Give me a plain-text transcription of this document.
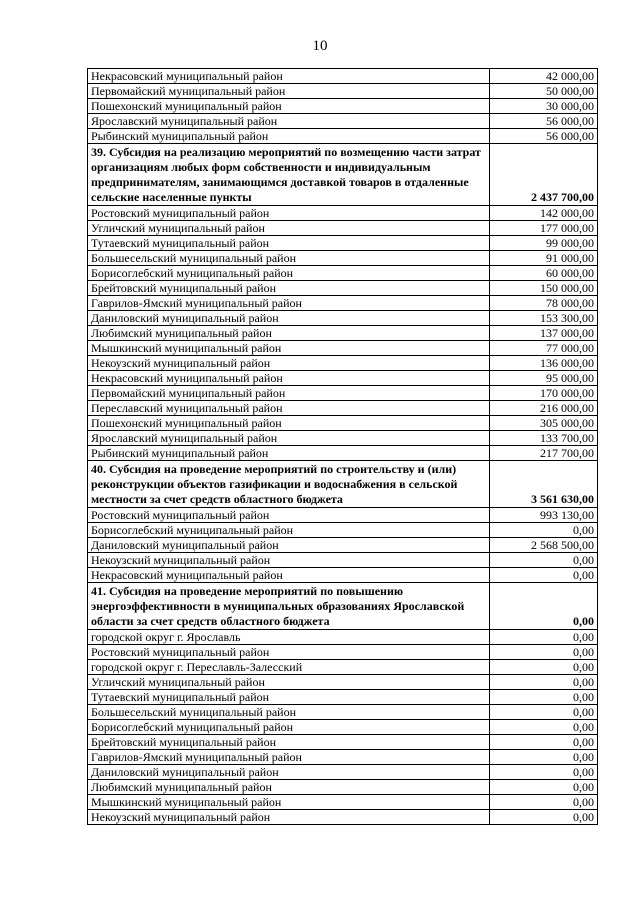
10
Некрасовский муниципальный район	42 000,00
Первомайский муниципальный район	50 000,00
Пошехонский муниципальный район	30 000,00
Ярославский муниципальный район	56 000,00
Рыбинский муниципальный район	56 000,00
39. Субсидия на реализацию мероприятий по возмещению части затрат организациям любых форм собственности и индивидуальным предпринимателям, занимающимся доставкой товаров в отдаленные сельские населенные пункты	2 437 700,00
Ростовский муниципальный район	142 000,00
Угличский муниципальный район	177 000,00
Тутаевский муниципальный район	99 000,00
Большесельский муниципальный район	91 000,00
Борисоглебский муниципальный район	60 000,00
Брейтовский муниципальный район	150 000,00
Гаврилов-Ямский муниципальный район	78 000,00
Даниловский муниципальный район	153 300,00
Любимский муниципальный район	137 000,00
Мышкинский муниципальный район	77 000,00
Некоузский муниципальный район	136 000,00
Некрасовский муниципальный район	95 000,00
Первомайский муниципальный район	170 000,00
Переславский муниципальный район	216 000,00
Пошехонский муниципальный район	305 000,00
Ярославский муниципальный район	133 700,00
Рыбинский муниципальный район	217 700,00
40. Субсидия на проведение мероприятий по строительству и (или) реконструкции объектов газификации и водоснабжения в сельской местности за счет средств областного бюджета	3 561 630,00
Ростовский муниципальный район	993 130,00
Борисоглебский муниципальный район	0,00
Даниловский муниципальный район	2 568 500,00
Некоузский муниципальный район	0,00
Некрасовский муниципальный район	0,00
41. Субсидия на проведение мероприятий по повышению энергоэффективности в муниципальных образованиях Ярославской области за счет средств областного бюджета	0,00
городской округ г. Ярославль	0,00
Ростовский муниципальный район	0,00
городской округ г. Переславль-Залесский	0,00
Угличский муниципальный район	0,00
Тутаевский муниципальный район	0,00
Большесельский муниципальный район	0,00
Борисоглебский муниципальный район	0,00
Брейтовский муниципальный район	0,00
Гаврилов-Ямский муниципальный район	0,00
Даниловский муниципальный район	0,00
Любимский муниципальный район	0,00
Мышкинский муниципальный район	0,00
Некоузский муниципальный район	0,00
